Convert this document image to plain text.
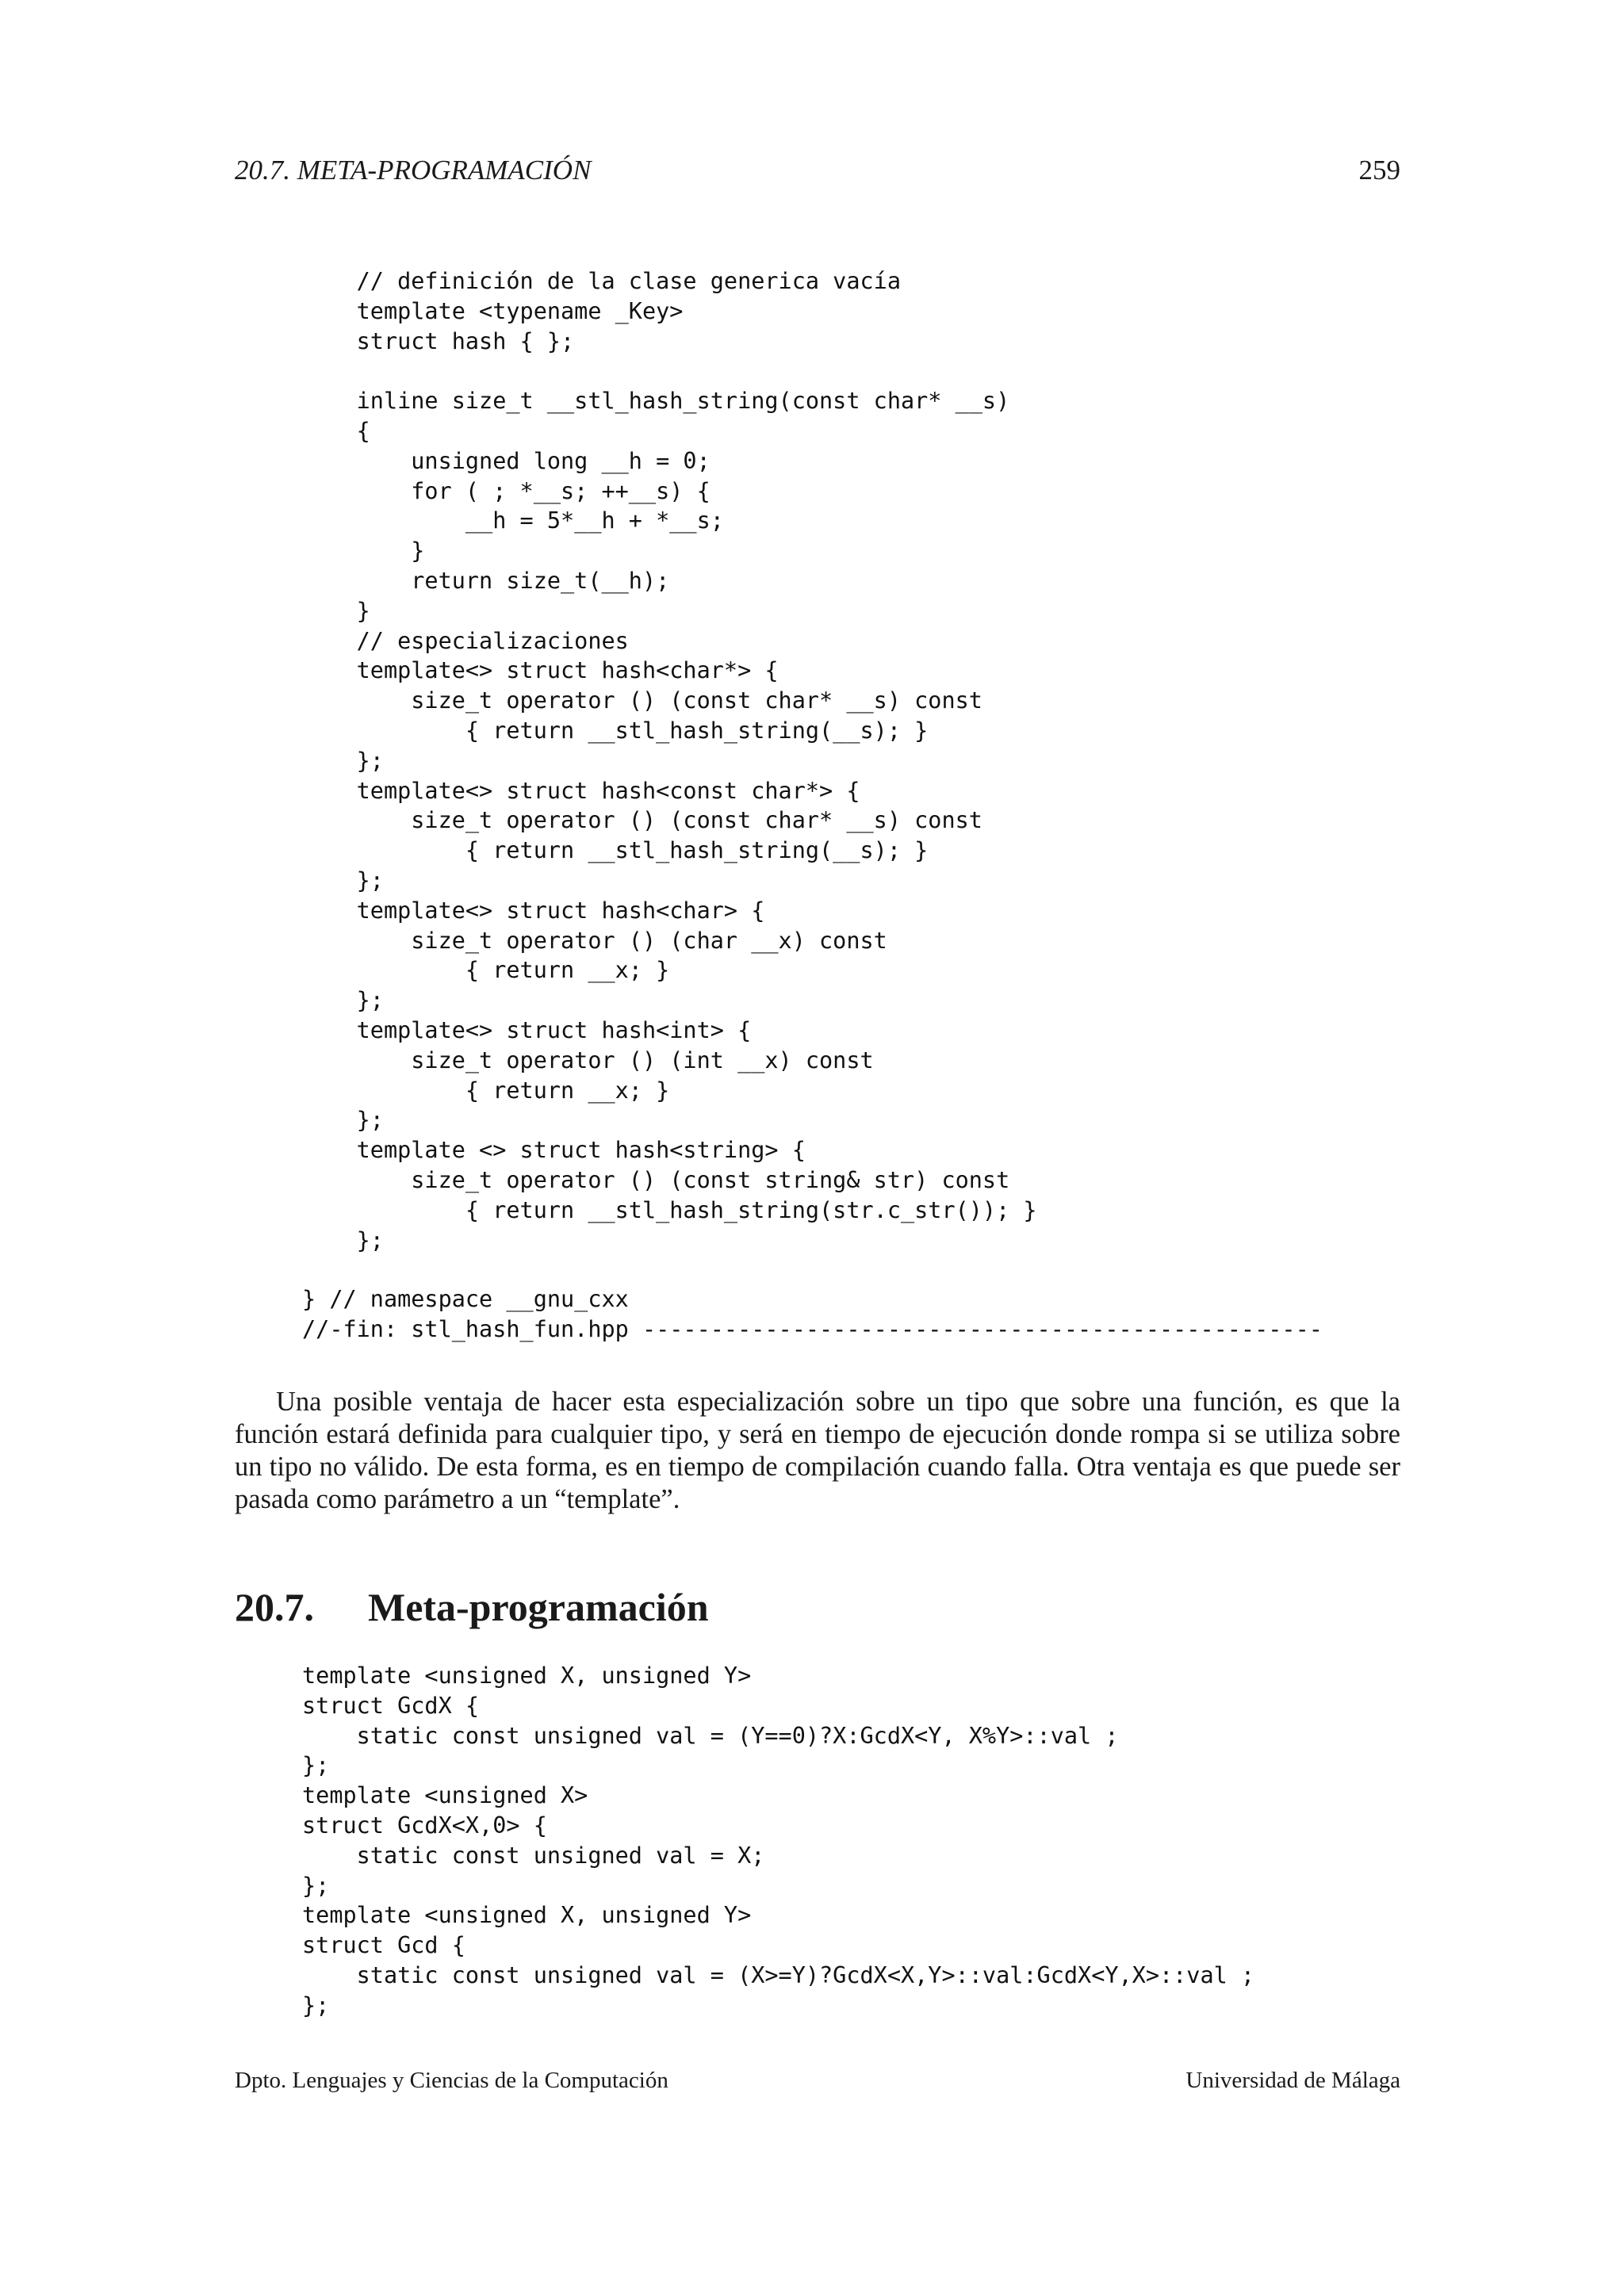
20.7. META-PROGRAMACIÓN	259
// definición de la clase generica vacía
template <typename _Key>
struct hash { };

inline size_t __stl_hash_string(const char* __s)
{
unsigned long __h = 0;
for ( ; *__s; ++__s) {
__h = 5*__h + *__s;
}
return size_t(__h);
}
// especializaciones
template<> struct hash<char*> {
size_t operator () (const char* __s) const
{ return __stl_hash_string(__s); }
};
template<> struct hash<const char*> {
size_t operator () (const char* __s) const
{ return __stl_hash_string(__s); }
};
template<> struct hash<char> {
size_t operator () (char __x) const
{ return __x; }
};
template<> struct hash<int> {
size_t operator () (int __x) const
{ return __x; }
};
template <> struct hash<string> {
size_t operator () (const string& str) const
{ return __stl_hash_string(str.c_str()); }
};
} // namespace __gnu_cxx
//-fin: stl_hash_fun.hpp --------------------------------------------------

Una posible ventaja de hacer esta especialización sobre un tipo que sobre una función, es que la función estará definida para cualquier tipo, y será en tiempo de ejecución donde rompa si se utiliza sobre un tipo no válido. De esta forma, es en tiempo de compilación cuando falla. Otra ventaja es que puede ser pasada como parámetro a un “template”.

20.7. Meta-programación
template <unsigned X, unsigned Y>
struct GcdX {
static const unsigned val = (Y==0)?X:GcdX<Y, X%Y>::val ;
};
template <unsigned X>
struct GcdX<X,0> {
static const unsigned val = X;
};
template <unsigned X, unsigned Y>
struct Gcd {
static const unsigned val = (X>=Y)?GcdX<X,Y>::val:GcdX<Y,X>::val ;
};
Dpto. Lenguajes y Ciencias de la Computación	Universidad de Málaga
